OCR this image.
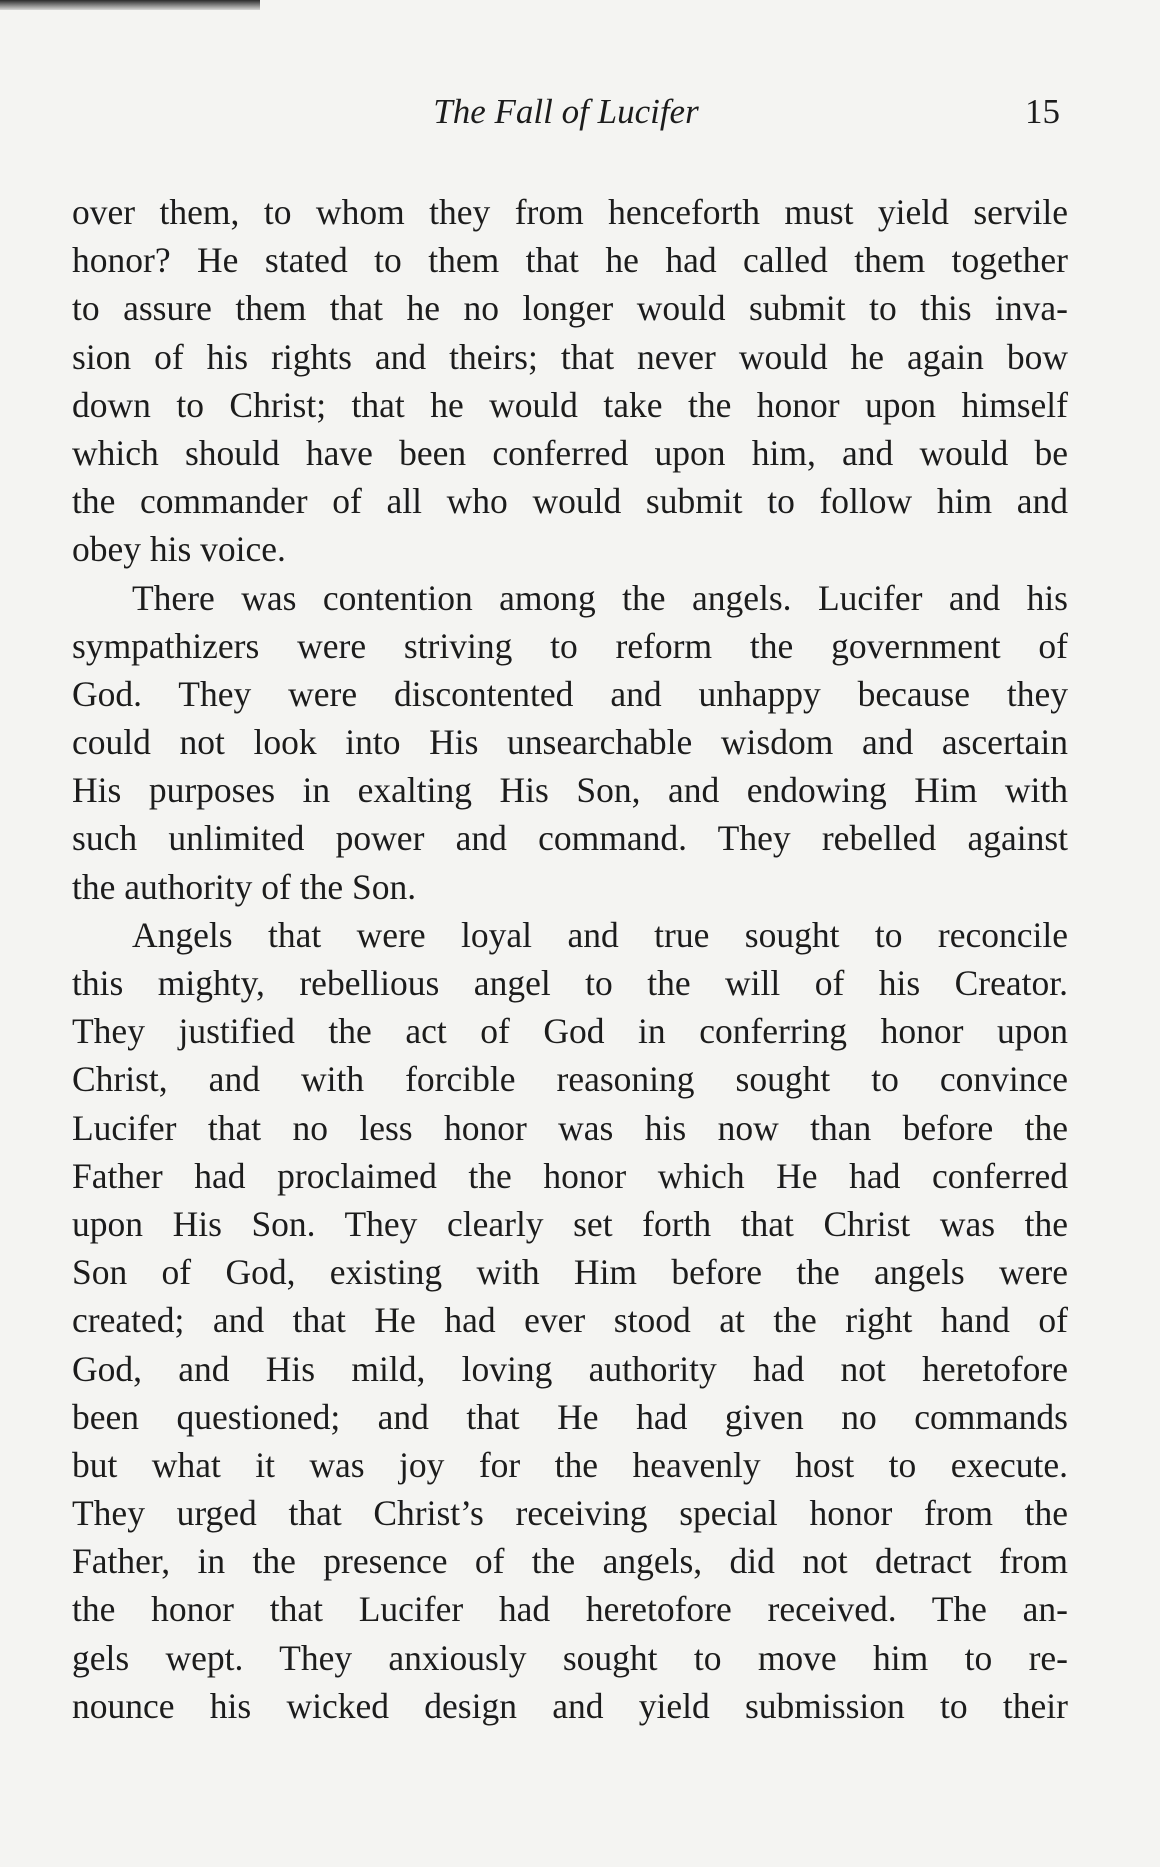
The Fall of Lucifer	15
over them, to whom they from henceforth must yield servile
honor? He stated to them that he had called them together
to assure them that he no longer would submit to this inva-
sion of his rights and theirs; that never would he again bow
down to Christ; that he would take the honor upon himself
which should have been conferred upon him, and would be
the commander of all who would submit to follow him and
obey his voice.
There was contention among the angels. Lucifer and his
sympathizers were striving to reform the government of
God. They were discontented and unhappy because they
could not look into His unsearchable wisdom and ascertain
His purposes in exalting His Son, and endowing Him with
such unlimited power and command. They rebelled against
the authority of the Son.
Angels that were loyal and true sought to reconcile
this mighty, rebellious angel to the will of his Creator.
They justified the act of God in conferring honor upon
Christ, and with forcible reasoning sought to convince
Lucifer that no less honor was his now than before the
Father had proclaimed the honor which He had conferred
upon His Son. They clearly set forth that Christ was the
Son of God, existing with Him before the angels were
created; and that He had ever stood at the right hand of
God, and His mild, loving authority had not heretofore
been questioned; and that He had given no commands
but what it was joy for the heavenly host to execute.
They urged that Christ’s receiving special honor from the
Father, in the presence of the angels, did not detract from
the honor that Lucifer had heretofore received. The an-
gels wept. They anxiously sought to move him to re-
nounce his wicked design and yield submission to their
